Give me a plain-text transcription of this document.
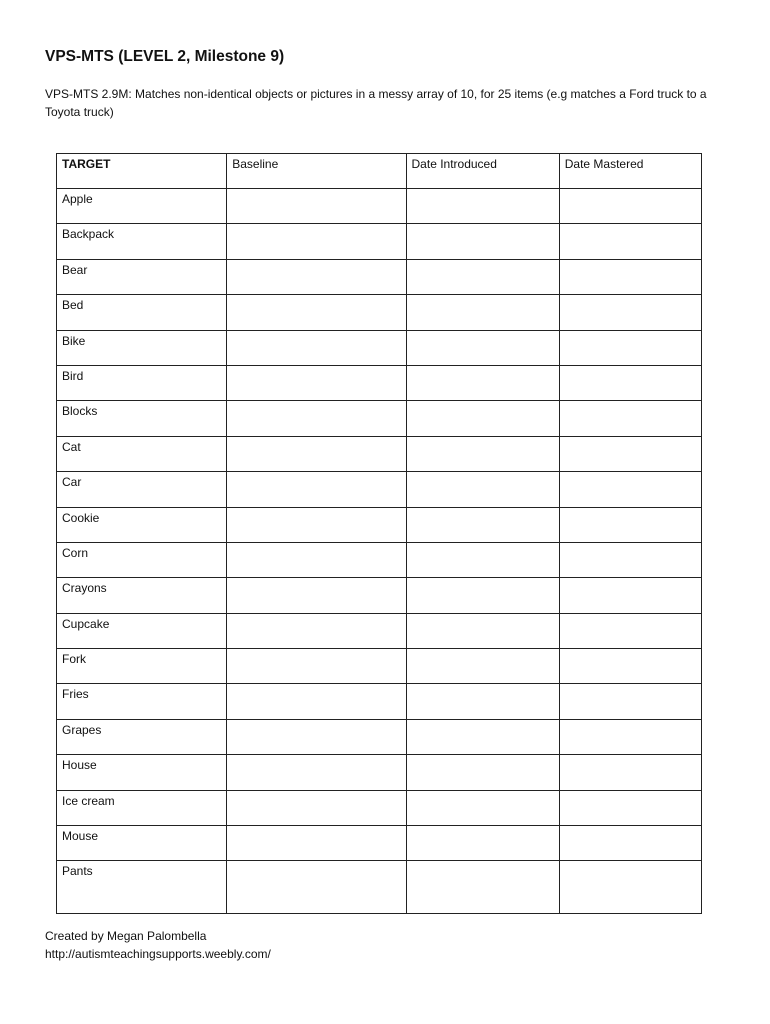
VPS-MTS (LEVEL 2, Milestone 9)
VPS-MTS 2.9M: Matches non-identical objects or pictures in a messy array of 10, for 25 items (e.g matches a Ford truck to a Toyota truck)
TARGET	Baseline	Date Introduced	Date Mastered

Apple			

Backpack			

Bear			

Bed			

Bike			

Bird			

Blocks			

Cat			

Car			

Cookie			

Corn			

Crayons			

Cupcake			

Fork			

Fries			

Grapes			

House			

Ice cream			

Mouse			

Pants			

Created by Megan Palombella
http://autismteachingsupports.weebly.com/
